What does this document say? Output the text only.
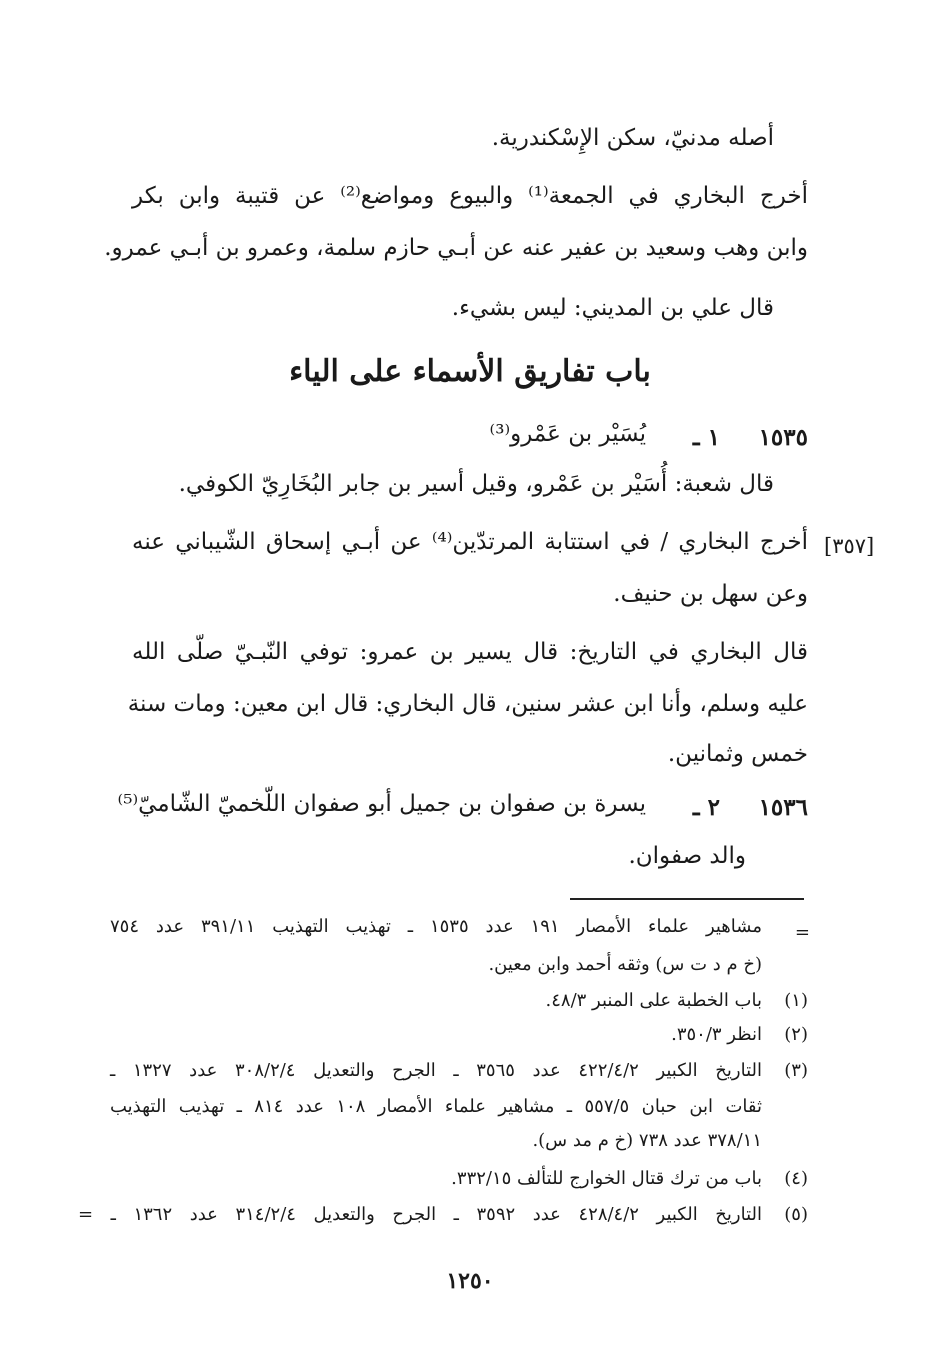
أصله مدنيّ، سكن الإِسْكندرية.
أخرج البخاري في الجمعة⁽¹⁾ والبيوع ومواضع⁽²⁾ عن قتيبة وابن بكر
وابن وهب وسعيد بن عفير عنه عن أبـي حازم سلمة، وعمرو بن أبـي عمرو.
قال علي بن المديني: ليس بشيء.
باب تفاريق الأسماء على الياء
١٥٣٥
١ ـ
يُسَيْر بن عَمْرو⁽³⁾
قال شعبة: أُسَيْر بن عَمْرو، وقيل أسير بن جابر البُخَارِيّ الكوفي.
[٣٥٧]
أخرج البخاري / في استتابة المرتدّين⁽⁴⁾ عن أبـي إسحاق الشّيباني عنه
وعن سهل بن حنيف.
قال البخاري في التاريخ: قال يسير بن عمرو: توفي النّبـيّ صلّى الله
عليه وسلم، وأنا ابن عشر سنين، قال البخاري: قال ابن معين: ومات سنة
خمس وثمانين.
١٥٣٦
٢ ـ
يسرة بن صفوان بن جميل أبو صفوان اللّخميّ الشّاميّ⁽⁵⁾
والد صفوان.
=
مشاهير علماء الأمصار ١٩١ عدد ١٥٣٥ ـ تهذيب التهذيب ٣٩١/١١ عدد ٧٥٤
(خ م د ت س) وثقه أحمد وابن معين.
(١)
باب الخطبة على المنبر ٤٨/٣.
(٢)
انظر ٣٥٠/٣.
(٣)
التاريخ الكبير ٤٢٢/٤/٢ عدد ٣٥٦٥ ـ الجرح والتعديل ٣٠٨/٢/٤ عدد ١٣٢٧ ـ
ثقات ابن حبان ٥٥٧/٥ ـ مشاهير علماء الأمصار ١٠٨ عدد ٨١٤ ـ تهذيب التهذيب
٣٧٨/١١ عدد ٧٣٨ (خ م مد س).
(٤)
باب من ترك قتال الخوارج للتألف ٣٣٢/١٥.
(٥)
التاريخ الكبير ٤٢٨/٤/٢ عدد ٣٥٩٢ ـ الجرح والتعديل ٣١٤/٢/٤ عدد ١٣٦٢ ـ =
١٢٥٠
